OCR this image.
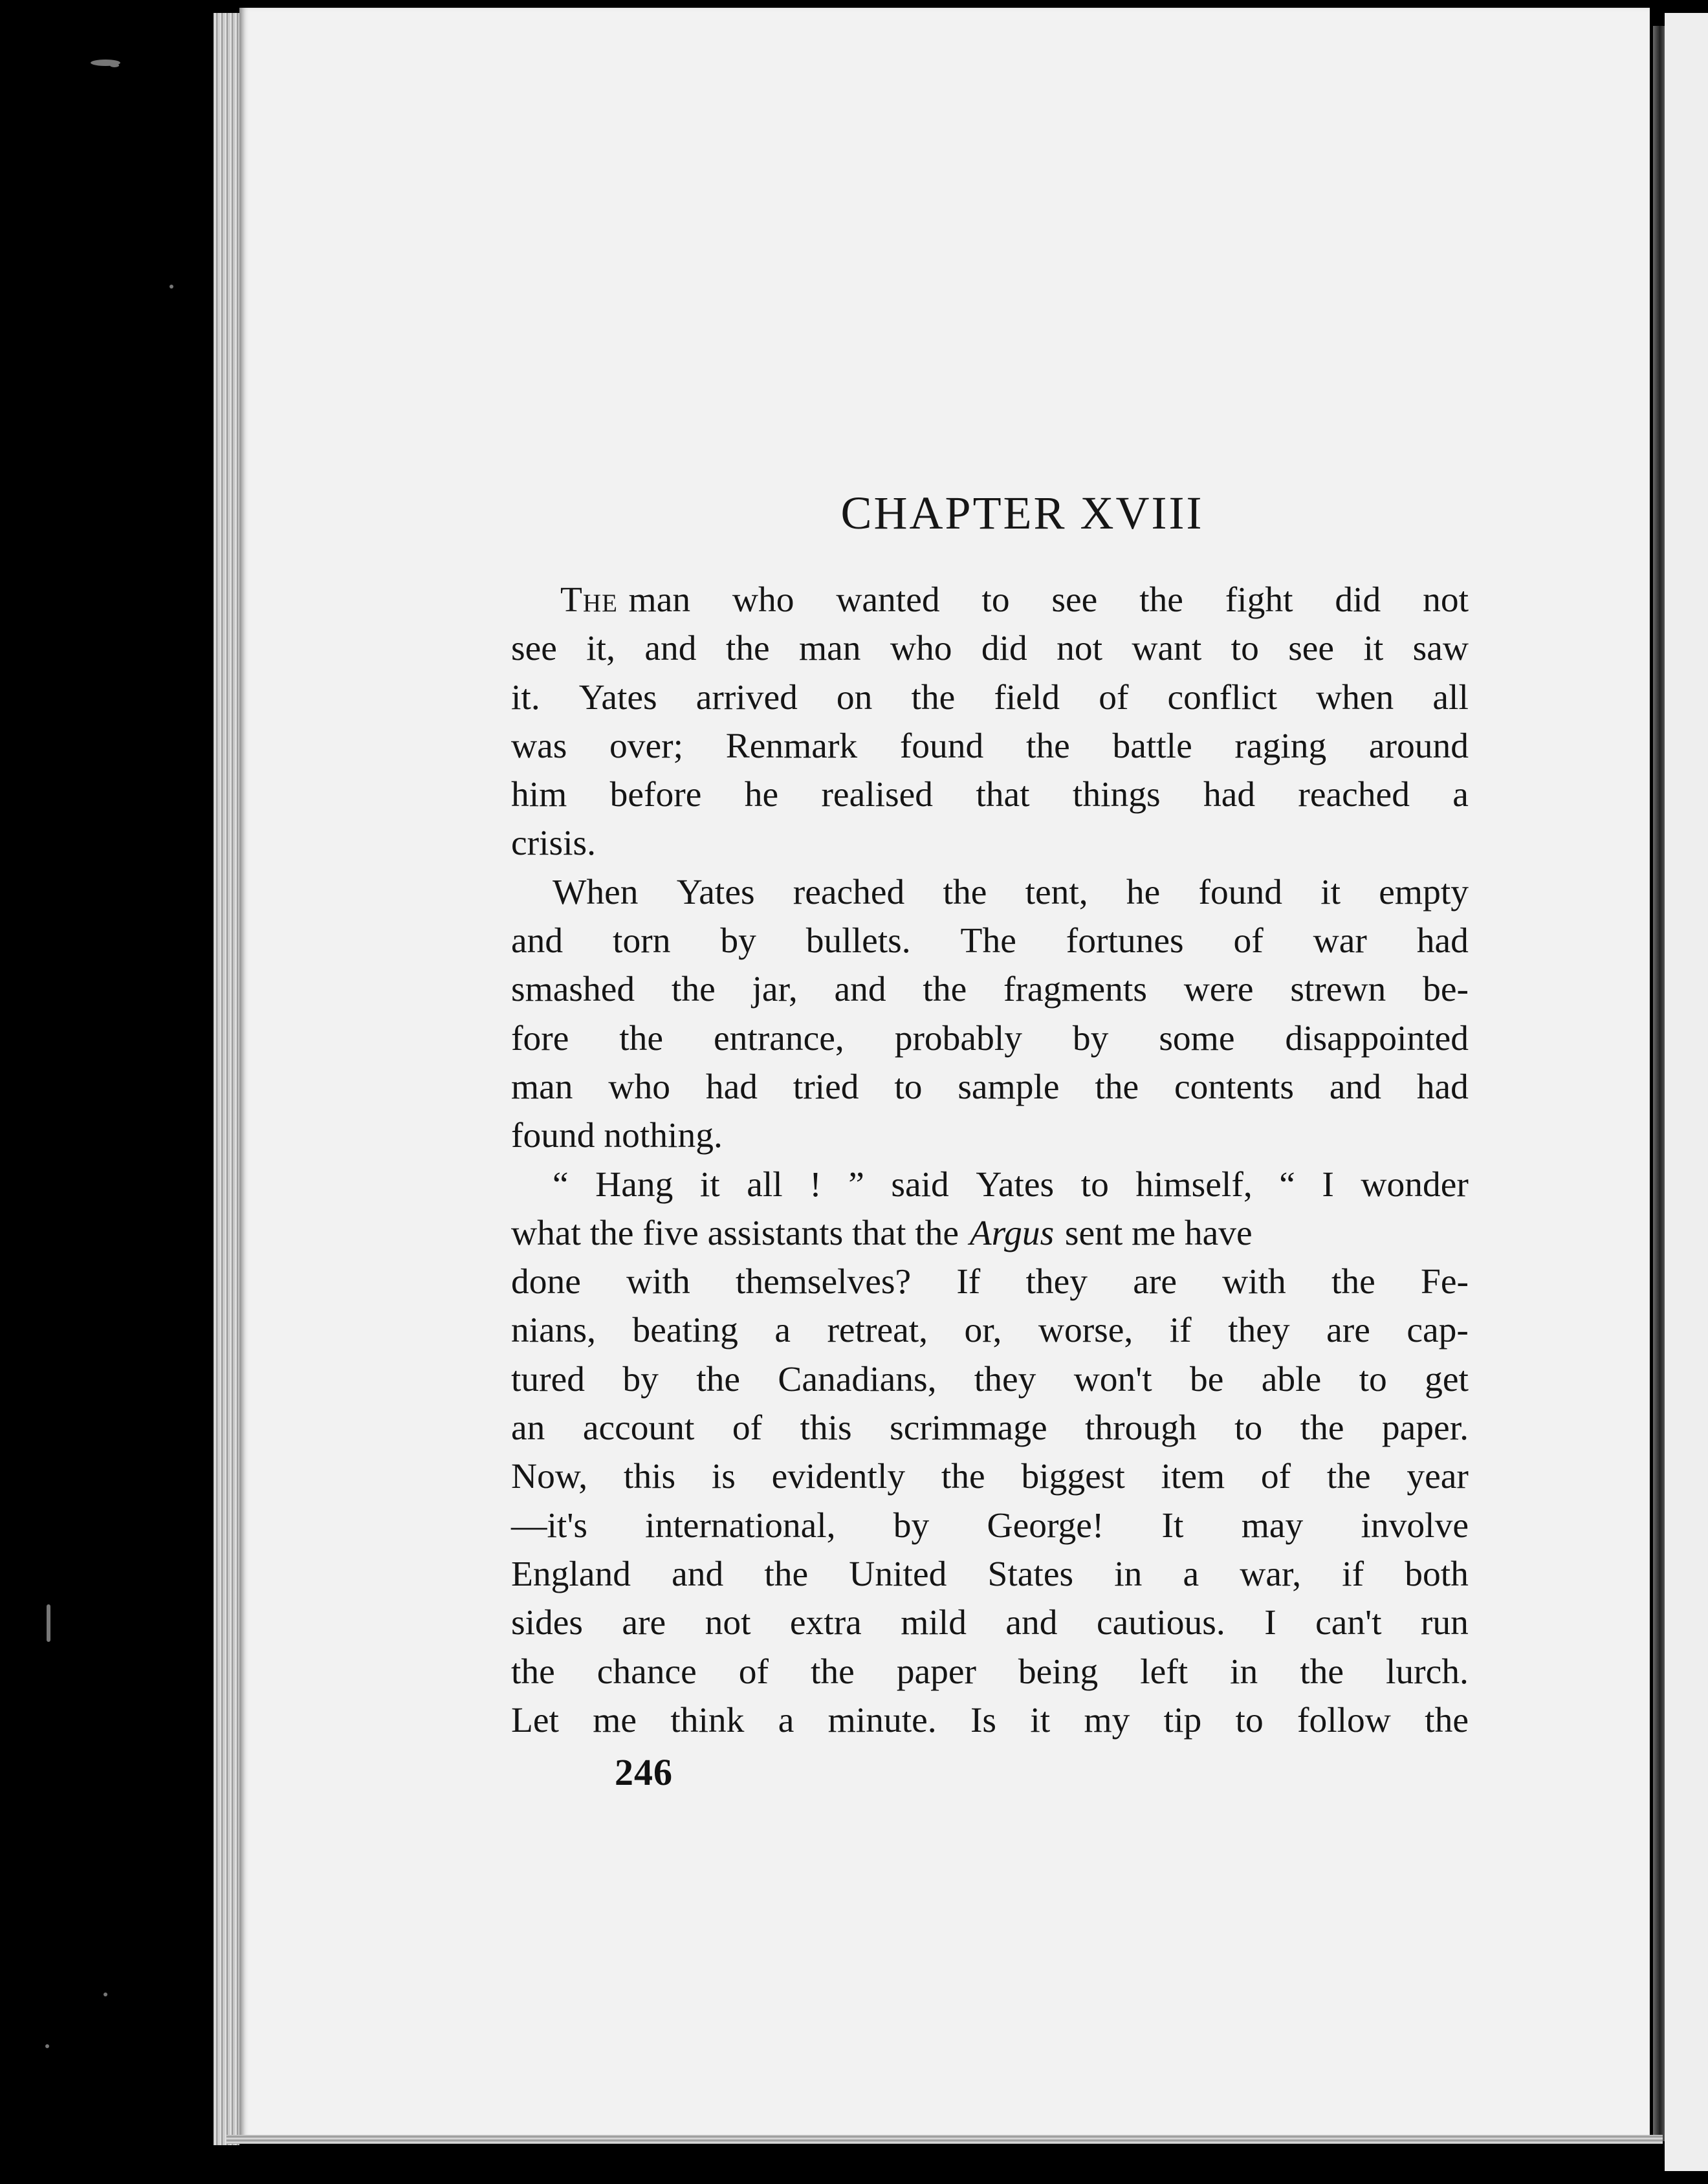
CHAPTER XVIII
The man who wanted to see the fight did not
see it, and the man who did not want to see it saw
it. Yates arrived on the field of conflict when all
was over; Renmark found the battle raging around
him before he realised that things had reached a
crisis.
When Yates reached the tent, he found it empty
and torn by bullets. The fortunes of war had
smashed the jar, and the fragments were strewn be-
fore the entrance, probably by some disappointed
man who had tried to sample the contents and had
found nothing.
“ Hang it all ! ” said Yates to himself, “ I wonder
what the five assistants that the Argus sent me have
done with themselves? If they are with the Fe-
nians, beating a retreat, or, worse, if they are cap-
tured by the Canadians, they won't be able to get
an account of this scrimmage through to the paper.
Now, this is evidently the biggest item of the year
—it's international, by George! It may involve
England and the United States in a war, if both
sides are not extra mild and cautious. I can't run
the chance of the paper being left in the lurch.
Let me think a minute. Is it my tip to follow the
246
